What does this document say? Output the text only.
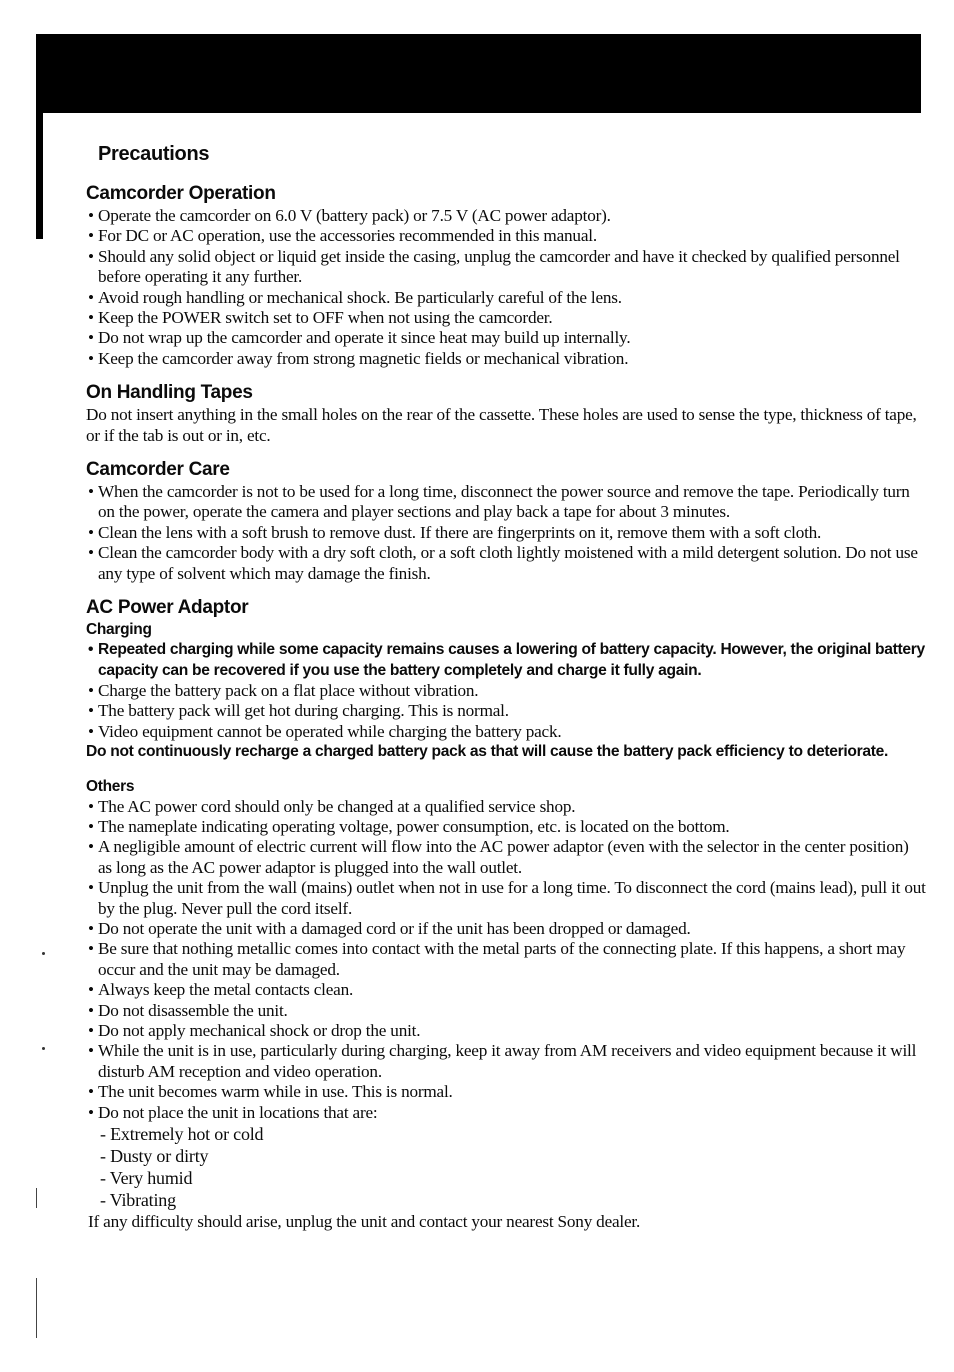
Precautions
Camcorder Operation
• Operate the camcorder on 6.0 V (battery pack) or 7.5 V (AC power adaptor).
• For DC or AC operation, use the accessories recommended in this manual.
• Should any solid object or liquid get inside the casing, unplug the camcorder and have it checked by qualified personnel before operating it any further.
• Avoid rough handling or mechanical shock. Be particularly careful of the lens.
• Keep the POWER switch set to OFF when not using the camcorder.
• Do not wrap up the camcorder and operate it since heat may build up internally.
• Keep the camcorder away from strong magnetic fields or mechanical vibration.
On Handling Tapes
Do not insert anything in the small holes on the rear of the cassette. These holes are used to sense the type, thickness of tape, or if the tab is out or in, etc.
Camcorder Care
• When the camcorder is not to be used for a long time, disconnect the power source and remove the tape. Periodically turn on the power, operate the camera and player sections and play back a tape for about 3 minutes.
• Clean the lens with a soft brush to remove dust. If there are fingerprints on it, remove them with a soft cloth.
• Clean the camcorder body with a dry soft cloth, or a soft cloth lightly moistened with a mild detergent solution. Do not use any type of solvent which may damage the finish.
AC Power Adaptor
Charging
• Repeated charging while some capacity remains causes a lowering of battery capacity. However, the original battery capacity can be recovered if you use the battery completely and charge it fully again.
• Charge the battery pack on a flat place without vibration.
• The battery pack will get hot during charging. This is normal.
• Video equipment cannot be operated while charging the battery pack.
Do not continuously recharge a charged battery pack as that will cause the battery pack efficiency to deteriorate.
Others
• The AC power cord should only be changed at a qualified service shop.
• The nameplate indicating operating voltage, power consumption, etc. is located on the bottom.
• A negligible amount of electric current will flow into the AC power adaptor (even with the selector in the center position) as long as the AC power adaptor is plugged into the wall outlet.
• Unplug the unit from the wall (mains) outlet when not in use for a long time. To disconnect the cord (mains lead), pull it out by the plug. Never pull the cord itself.
• Do not operate the unit with a damaged cord or if the unit has been dropped or damaged.
• Be sure that nothing metallic comes into contact with the metal parts of the connecting plate. If this happens, a short may occur and the unit may be damaged.
• Always keep the metal contacts clean.
• Do not disassemble the unit.
• Do not apply mechanical shock or drop the unit.
• While the unit is in use, particularly during charging, keep it away from AM receivers and video equipment because it will disturb AM reception and video operation.
• The unit becomes warm while in use. This is normal.
• Do not place the unit in locations that are:
- Extremely hot or cold
- Dusty or dirty
- Very humid
- Vibrating
If any difficulty should arise, unplug the unit and contact your nearest Sony dealer.
